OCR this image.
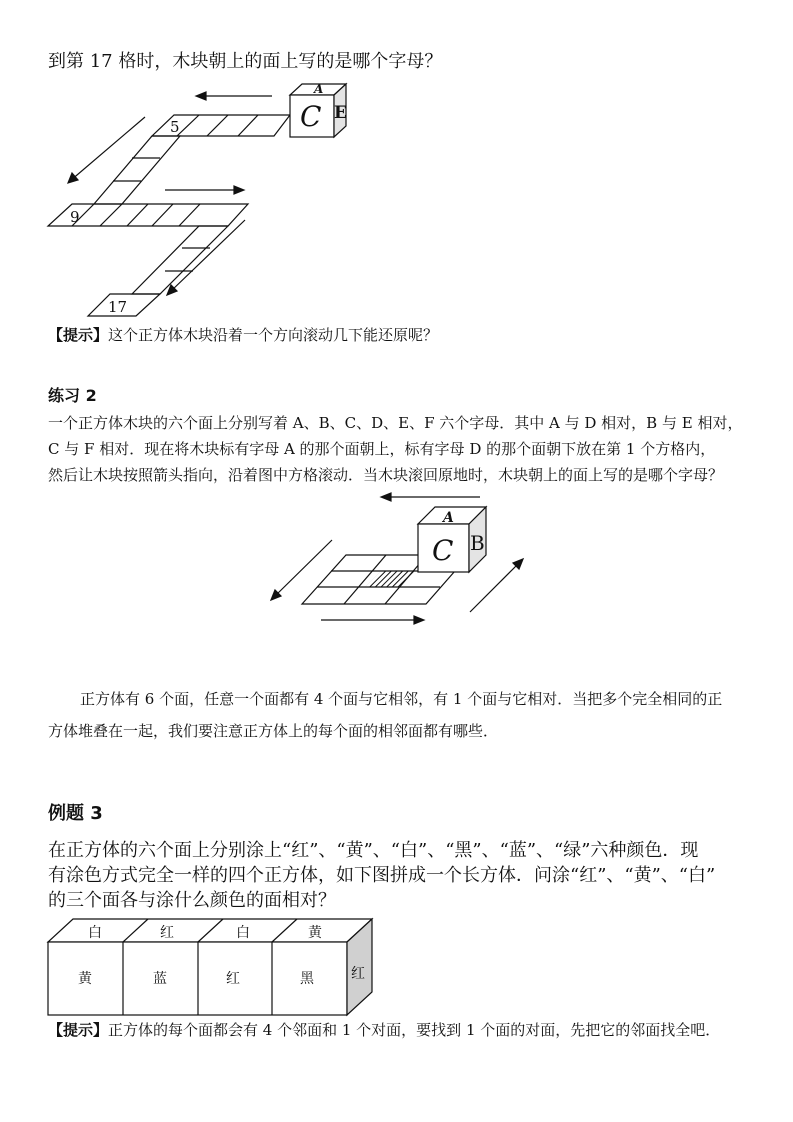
到第 17 格时，木块朝上的面上写的是哪个字母？
5
9
17
A
C E
【提示】这个正方体木块沿着一个方向滚动几下能还原呢？
练习 2
一个正方体木块的六个面上分别写着 A、B、C、D、E、F 六个字母．其中 A 与 D 相对，B 与 E 相对，
C 与 F 相对．现在将木块标有字母 A 的那个面朝上，标有字母 D 的那个面朝下放在第 1 个方格内，
然后让木块按照箭头指向，沿着图中方格滚动．当木块滚回原地时，木块朝上的面上写的是哪个字母？
A
C B
正方体有 6 个面，任意一个面都有 4 个面与它相邻，有 1 个面与它相对．当把多个完全相同的正
方体堆叠在一起，我们要注意正方体上的每个面的相邻面都有哪些．
例题 3
在正方体的六个面上分别涂上“红”、“黄”、“白”、“黑”、“蓝”、“绿”六种颜色．现
有涂色方式完全一样的四个正方体，如下图拼成一个长方体．问涂“红”、“黄”、“白”
的三个面各与涂什么颜色的面相对？
白	红	白	黄
黄	蓝	红	黑	红
【提示】正方体的每个面都会有 4 个邻面和 1 个对面，要找到 1 个面的对面，先把它的邻面找全吧．
